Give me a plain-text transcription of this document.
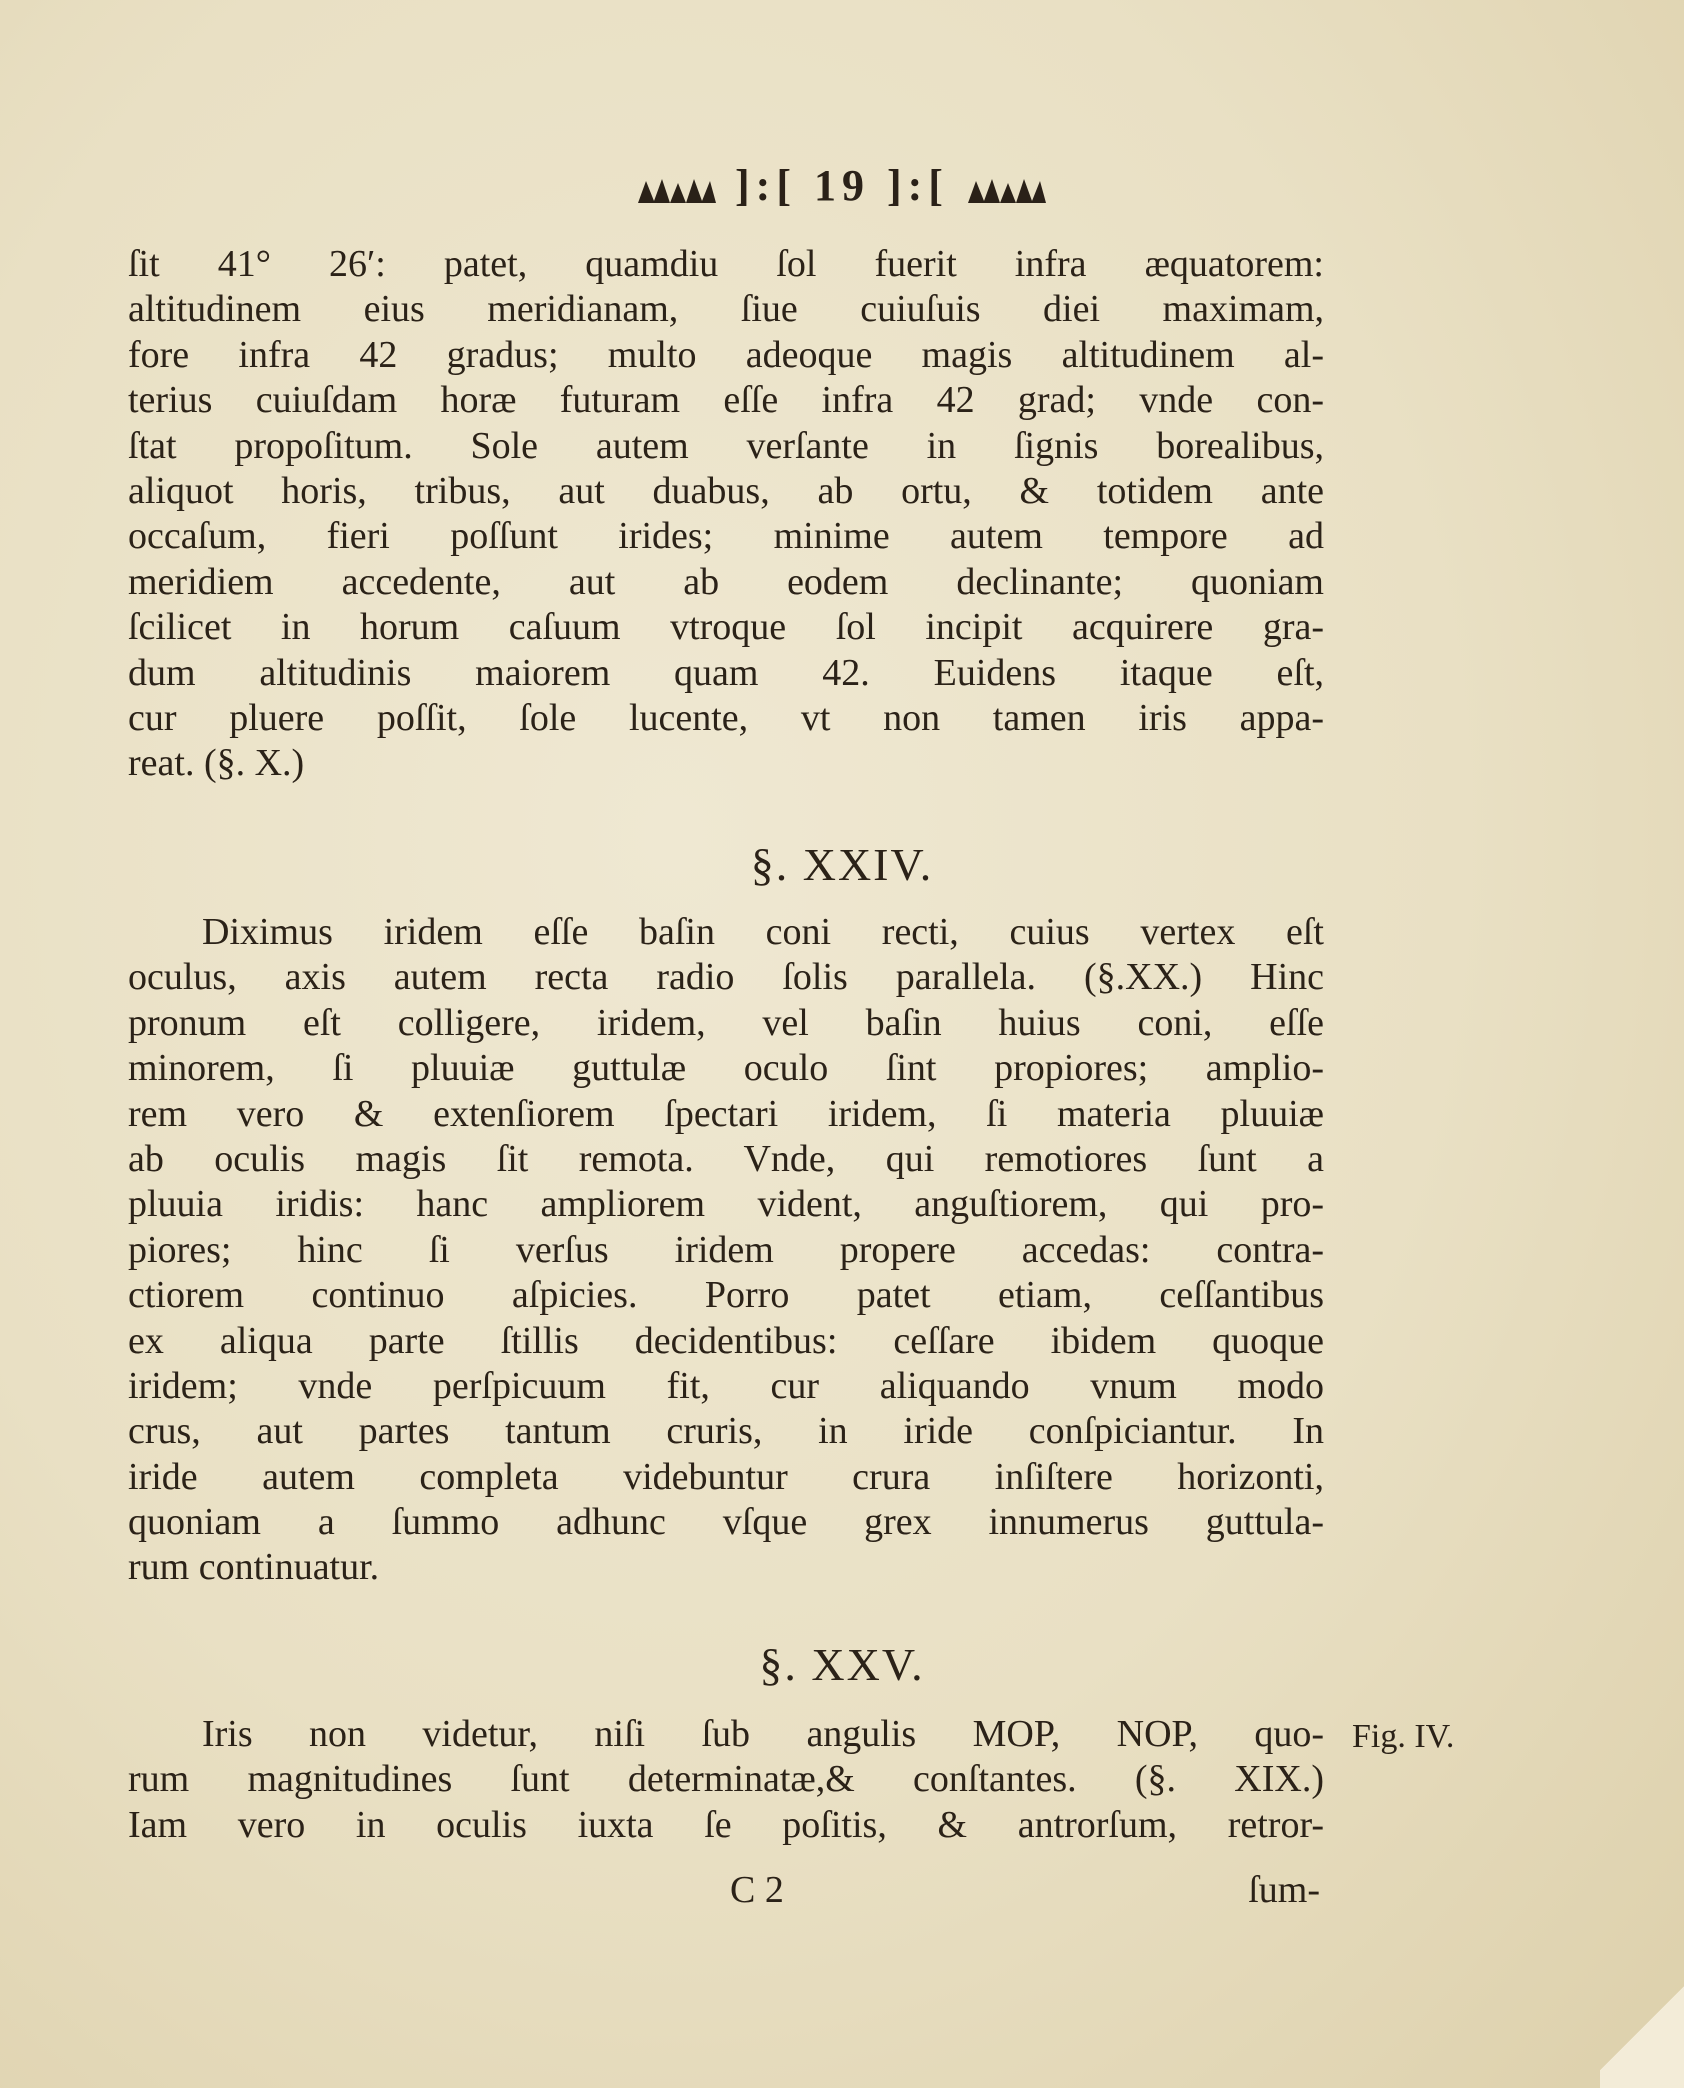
]:[ 19 ]:[
ſit 41° 26′: patet, quamdiu ſol fuerit infra æquatorem:
altitudinem eius meridianam, ſiue cuiuſuis diei maximam,
fore infra 42 gradus; multo adeoque magis altitudinem al-
terius cuiuſdam horæ futuram eſſe infra 42 grad; vnde con-
ſtat propoſitum. Sole autem verſante in ſignis borealibus,
aliquot horis, tribus, aut duabus, ab ortu, & totidem ante
occaſum, fieri poſſunt irides; minime autem tempore ad
meridiem accedente, aut ab eodem declinante; quoniam
ſcilicet in horum caſuum vtroque ſol incipit acquirere gra-
dum altitudinis maiorem quam 42. Euidens itaque eſt,
cur pluere poſſit, ſole lucente, vt non tamen iris appa-
reat. (§. X.)
§. XXIV.
Diximus iridem eſſe baſin coni recti, cuius vertex eſt
oculus, axis autem recta radio ſolis parallela. (§.XX.) Hinc
pronum eſt colligere, iridem, vel baſin huius coni, eſſe
minorem, ſi pluuiæ guttulæ oculo ſint propiores; amplio-
rem vero & extenſiorem ſpectari iridem, ſi materia pluuiæ
ab oculis magis ſit remota. Vnde, qui remotiores ſunt a
pluuia iridis: hanc ampliorem vident, anguſtiorem, qui pro-
piores; hinc ſi verſus iridem propere accedas: contra-
ctiorem continuo aſpicies. Porro patet etiam, ceſſantibus
ex aliqua parte ſtillis decidentibus: ceſſare ibidem quoque
iridem; vnde perſpicuum fit, cur aliquando vnum modo
crus, aut partes tantum cruris, in iride conſpiciantur. In
iride autem completa videbuntur crura inſiſtere horizonti,
quoniam a ſummo adhunc vſque grex innumerus guttula-
rum continuatur.
§. XXV.
Iris non videtur, niſi ſub angulis MOP, NOP, quo-
rum magnitudines ſunt determinatæ,& conſtantes. (§. XIX.)
Iam vero in oculis iuxta ſe poſitis, & antrorſum, retror-
Fig. IV.
C 2	ſum-
